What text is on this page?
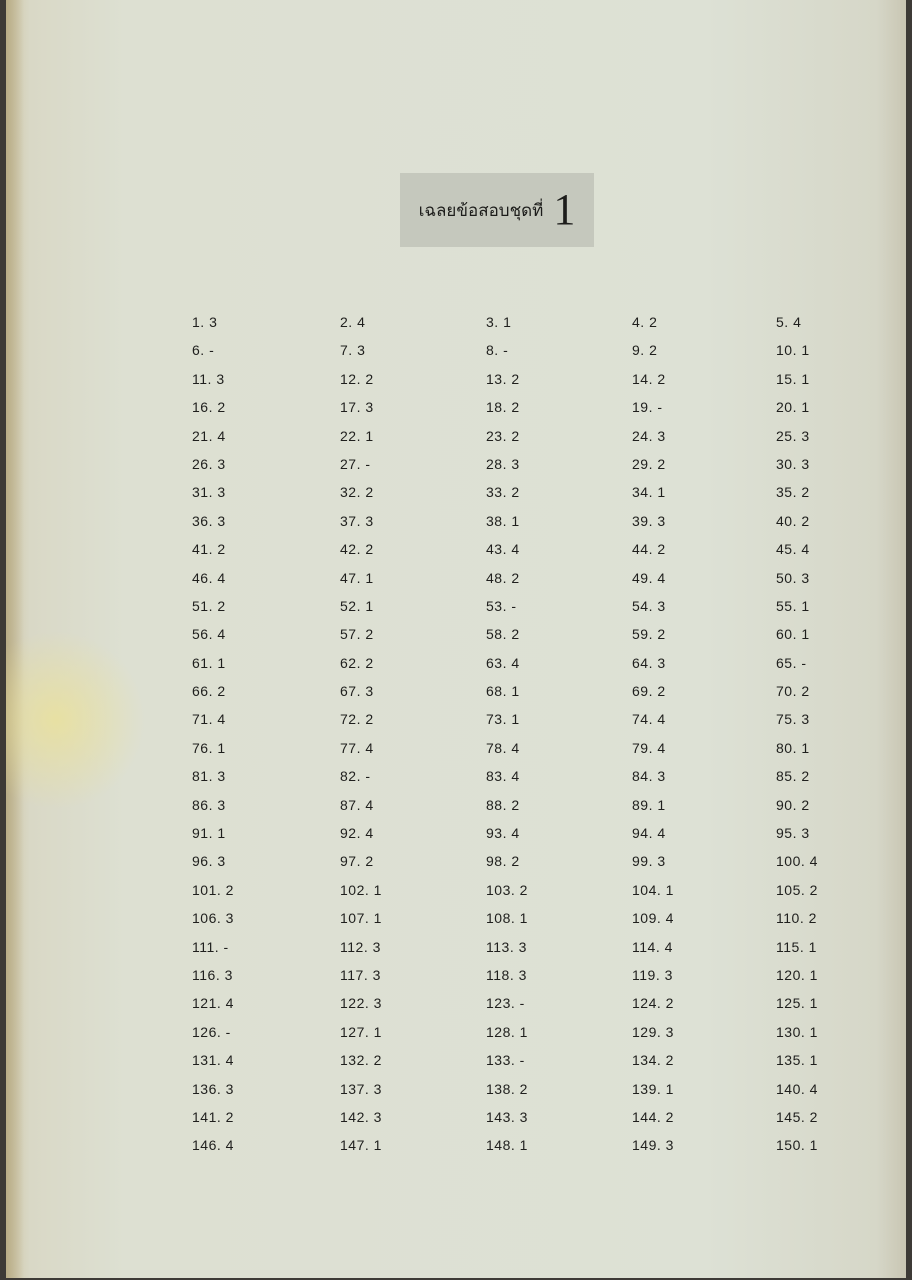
เฉลยข้อสอบชุดที่ 1
1. 3	2. 4	3. 1	4. 2	5. 4
6. -	7. 3	8. -	9. 2	10. 1
11. 3	12. 2	13. 2	14. 2	15. 1
16. 2	17. 3	18. 2	19. -	20. 1
21. 4	22. 1	23. 2	24. 3	25. 3
26. 3	27. -	28. 3	29. 2	30. 3
31. 3	32. 2	33. 2	34. 1	35. 2
36. 3	37. 3	38. 1	39. 3	40. 2
41. 2	42. 2	43. 4	44. 2	45. 4
46. 4	47. 1	48. 2	49. 4	50. 3
51. 2	52. 1	53. -	54. 3	55. 1
56. 4	57. 2	58. 2	59. 2	60. 1
61. 1	62. 2	63. 4	64. 3	65. -
66. 2	67. 3	68. 1	69. 2	70. 2
71. 4	72. 2	73. 1	74. 4	75. 3
76. 1	77. 4	78. 4	79. 4	80. 1
81. 3	82. -	83. 4	84. 3	85. 2
86. 3	87. 4	88. 2	89. 1	90. 2
91. 1	92. 4	93. 4	94. 4	95. 3
96. 3	97. 2	98. 2	99. 3	100. 4
101. 2	102. 1	103. 2	104. 1	105. 2
106. 3	107. 1	108. 1	109. 4	110. 2
111. -	112. 3	113. 3	114. 4	115. 1
116. 3	117. 3	118. 3	119. 3	120. 1
121. 4	122. 3	123. -	124. 2	125. 1
126. -	127. 1	128. 1	129. 3	130. 1
131. 4	132. 2	133. -	134. 2	135. 1
136. 3	137. 3	138. 2	139. 1	140. 4
141. 2	142. 3	143. 3	144. 2	145. 2
146. 4	147. 1	148. 1	149. 3	150. 1
